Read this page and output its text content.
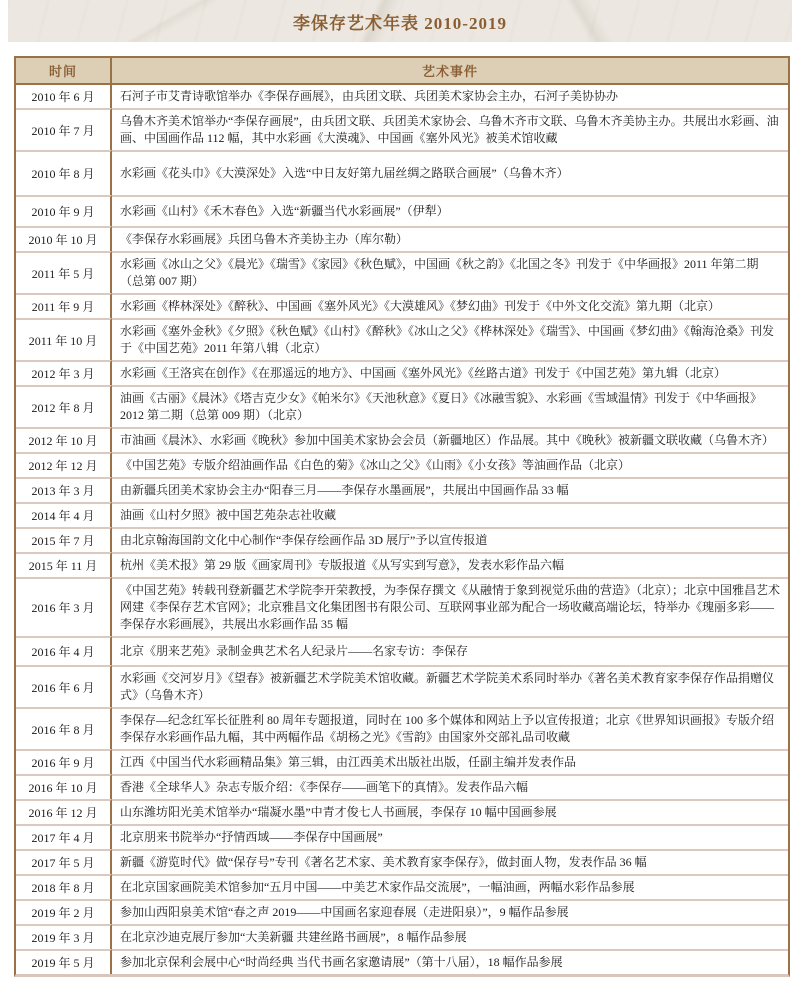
李保存艺术年表 2010-2019
时间	艺术事件
2010 年 6 月	石河子市艾青诗歌馆举办《李保存画展》，由兵团文联、兵团美术家协会主办，石河子美协协办
2010 年 7 月	乌鲁木齐美术馆举办“李保存画展”，由兵团文联、兵团美术家协会、乌鲁木齐市文联、乌鲁木齐美协主办。共展出水彩画、油画、中国画作品 112 幅，其中水彩画《大漠魂》、中国画《塞外风光》被美术馆收藏
2010 年 8 月	水彩画《花头巾》《大漠深处》入选“中日友好第九届丝绸之路联合画展”（乌鲁木齐）
2010 年 9 月	水彩画《山村》《禾木春色》入选“新疆当代水彩画展”（伊犁）
2010 年 10 月	《李保存水彩画展》兵团乌鲁木齐美协主办（库尔勒）
2011 年 5 月	水彩画《冰山之父》《晨光》《瑞雪》《家园》《秋色赋》，中国画《秋之韵》《北国之冬》刊发于《中华画报》2011 年第二期（总第 007 期）
2011 年 9 月	水彩画《桦林深处》《醉秋》、中国画《塞外风光》《大漠雄风》《梦幻曲》刊发于《中外文化交流》第九期（北京）
2011 年 10 月	水彩画《塞外金秋》《夕照》《秋色赋》《山村》《醉秋》《冰山之父》《桦林深处》《瑞雪》、中国画《梦幻曲》《翰海沧桑》刊发于《中国艺苑》2011 年第八辑（北京）
2012 年 3 月	水彩画《王洛宾在创作》《在那遥远的地方》、中国画《塞外风光》《丝路古道》刊发于《中国艺苑》第九辑（北京）
2012 年 8 月	油画《古丽》《晨沐》《塔吉克少女》《帕米尔》《天池秋意》《夏日》《冰融雪貌》、水彩画《雪域温情》刊发于《中华画报》2012 第二期（总第 009 期）（北京）
2012 年 10 月	市油画《晨沐》、水彩画《晚秋》参加中国美术家协会会员（新疆地区）作品展。其中《晚秋》被新疆文联收藏（乌鲁木齐）
2012 年 12 月	《中国艺苑》专版介绍油画作品《白色的菊》《冰山之父》《山雨》《小女孩》等油画作品（北京）
2013 年 3 月	由新疆兵团美术家协会主办“阳春三月——李保存水墨画展”，共展出中国画作品 33 幅
2014 年 4 月	油画《山村夕照》被中国艺苑杂志社收藏
2015 年 7 月	由北京翰海国韵文化中心制作“李保存绘画作品 3D 展厅”予以宣传报道
2015 年 11 月	杭州《美术报》第 29 版《画家周刊》专版报道《从写实到写意》，发表水彩作品六幅
2016 年 3 月	《中国艺苑》转载刊登新疆艺术学院李开荣教授，为李保存撰文《从融情于象到视觉乐曲的营造》（北京）；北京中国雅昌艺术网建《李保存艺术官网》；北京雅昌文化集团图书有限公司、互联网事业部为配合一场收藏高端论坛，特举办《瑰丽多彩——李保存水彩画展》，共展出水彩画作品 35 幅
2016 年 4 月	北京《朋来艺苑》录制金典艺术名人纪录片——名家专访：李保存
2016 年 6 月	水彩画《交河岁月》《望春》被新疆艺术学院美术馆收藏。新疆艺术学院美术系同时举办《著名美术教育家李保存作品捐赠仪式》（乌鲁木齐）
2016 年 8 月	李保存—纪念红军长征胜利 80 周年专题报道，同时在 100 多个媒体和网站上予以宣传报道；北京《世界知识画报》专版介绍李保存水彩画作品九幅，其中两幅作品《胡杨之光》《雪韵》由国家外交部礼品司收藏
2016 年 9 月	江西《中国当代水彩画精品集》第三辑，由江西美术出版社出版，任副主编并发表作品
2016 年 10 月	香港《全球华人》杂志专版介绍：《李保存——画笔下的真情》。发表作品六幅
2016 年 12 月	山东潍坊阳光美术馆举办“瑞凝水墨”中青才俊七人书画展，李保存 10 幅中国画参展
2017 年 4 月	北京朋来书院举办“抒情西域——李保存中国画展”
2017 年 5 月	新疆《游览时代》做“保存号”专刊《著名艺术家、美术教育家李保存》，做封面人物，发表作品 36 幅
2018 年 8 月	在北京国家画院美术馆参加“五月中国——中美艺术家作品交流展”，一幅油画，两幅水彩作品参展
2019 年 2 月	参加山西阳泉美术馆“春之声 2019——中国画名家迎春展（走进阳泉）”，9 幅作品参展
2019 年 3 月	在北京沙迪克展厅参加“大美新疆 共建丝路书画展”，8 幅作品参展
2019 年 5 月	参加北京保利会展中心“时尚经典 当代书画名家邀请展”（第十八届），18 幅作品参展
